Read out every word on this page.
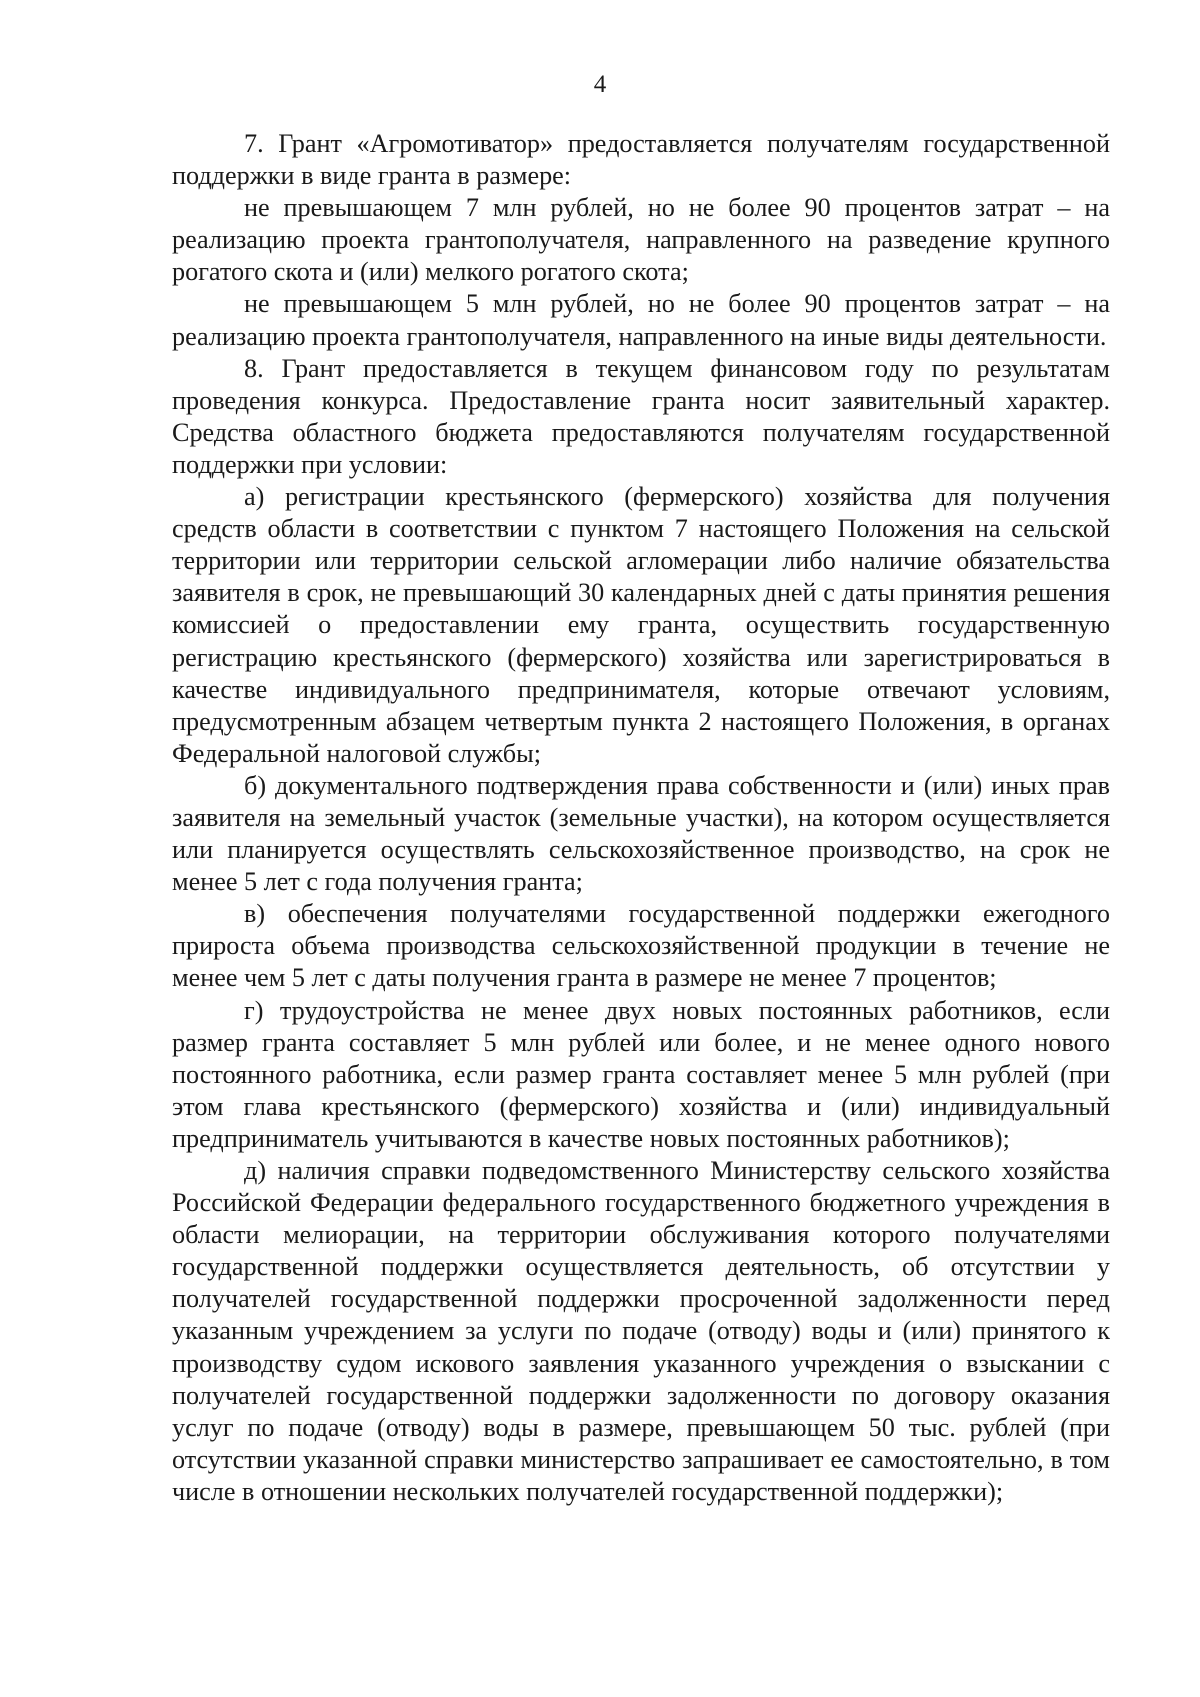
4

7. Грант «Агромотиватор» предоставляется получателям государственной поддержки в виде гранта в размере:

не превышающем 7 млн рублей, но не более 90 процентов затрат – на реализацию проекта грантополучателя, направленного на разведение крупного рогатого скота и (или) мелкого рогатого скота;

не превышающем 5 млн рублей, но не более 90 процентов затрат – на реализацию проекта грантополучателя, направленного на иные виды деятельности.

8. Грант предоставляется в текущем финансовом году по результатам проведения конкурса. Предоставление гранта носит заявительный характер. Средства областного бюджета предоставляются получателям государственной поддержки при условии:

а) регистрации крестьянского (фермерского) хозяйства для получения средств области в соответствии с пунктом 7 настоящего Положения на сельской территории или территории сельской агломерации либо наличие обязательства заявителя в срок, не превышающий 30 календарных дней с даты принятия решения комиссией о предоставлении ему гранта, осуществить государственную регистрацию крестьянского (фермерского) хозяйства или зарегистрироваться в качестве индивидуального предпринимателя, которые отвечают условиям, предусмотренным абзацем четвертым пункта 2 настоящего Положения, в органах Федеральной налоговой службы;

б) документального подтверждения права собственности и (или) иных прав заявителя на земельный участок (земельные участки), на котором осуществляется или планируется осуществлять сельскохозяйственное производство, на срок не менее 5 лет с года получения гранта;

в) обеспечения получателями государственной поддержки ежегодного прироста объема производства сельскохозяйственной продукции в течение не менее чем 5 лет с даты получения гранта в размере не менее 7 процентов;

г) трудоустройства не менее двух новых постоянных работников, если размер гранта составляет 5 млн рублей или более, и не менее одного нового постоянного работника, если размер гранта составляет менее 5 млн рублей (при этом глава крестьянского (фермерского) хозяйства и (или) индивидуальный предприниматель учитываются в качестве новых постоянных работников);

д) наличия справки подведомственного Министерству сельского хозяйства Российской Федерации федерального государственного бюджетного учреждения в области мелиорации, на территории обслуживания которого получателями государственной поддержки осуществляется деятельность, об отсутствии у получателей государственной поддержки просроченной задолженности перед указанным учреждением за услуги по подаче (отводу) воды и (или) принятого к производству судом искового заявления указанного учреждения о взыскании с получателей государственной поддержки задолженности по договору оказания услуг по подаче (отводу) воды в размере, превышающем 50 тыс. рублей (при отсутствии указанной справки министерство запрашивает ее самостоятельно, в том числе в отношении нескольких получателей государственной поддержки);
